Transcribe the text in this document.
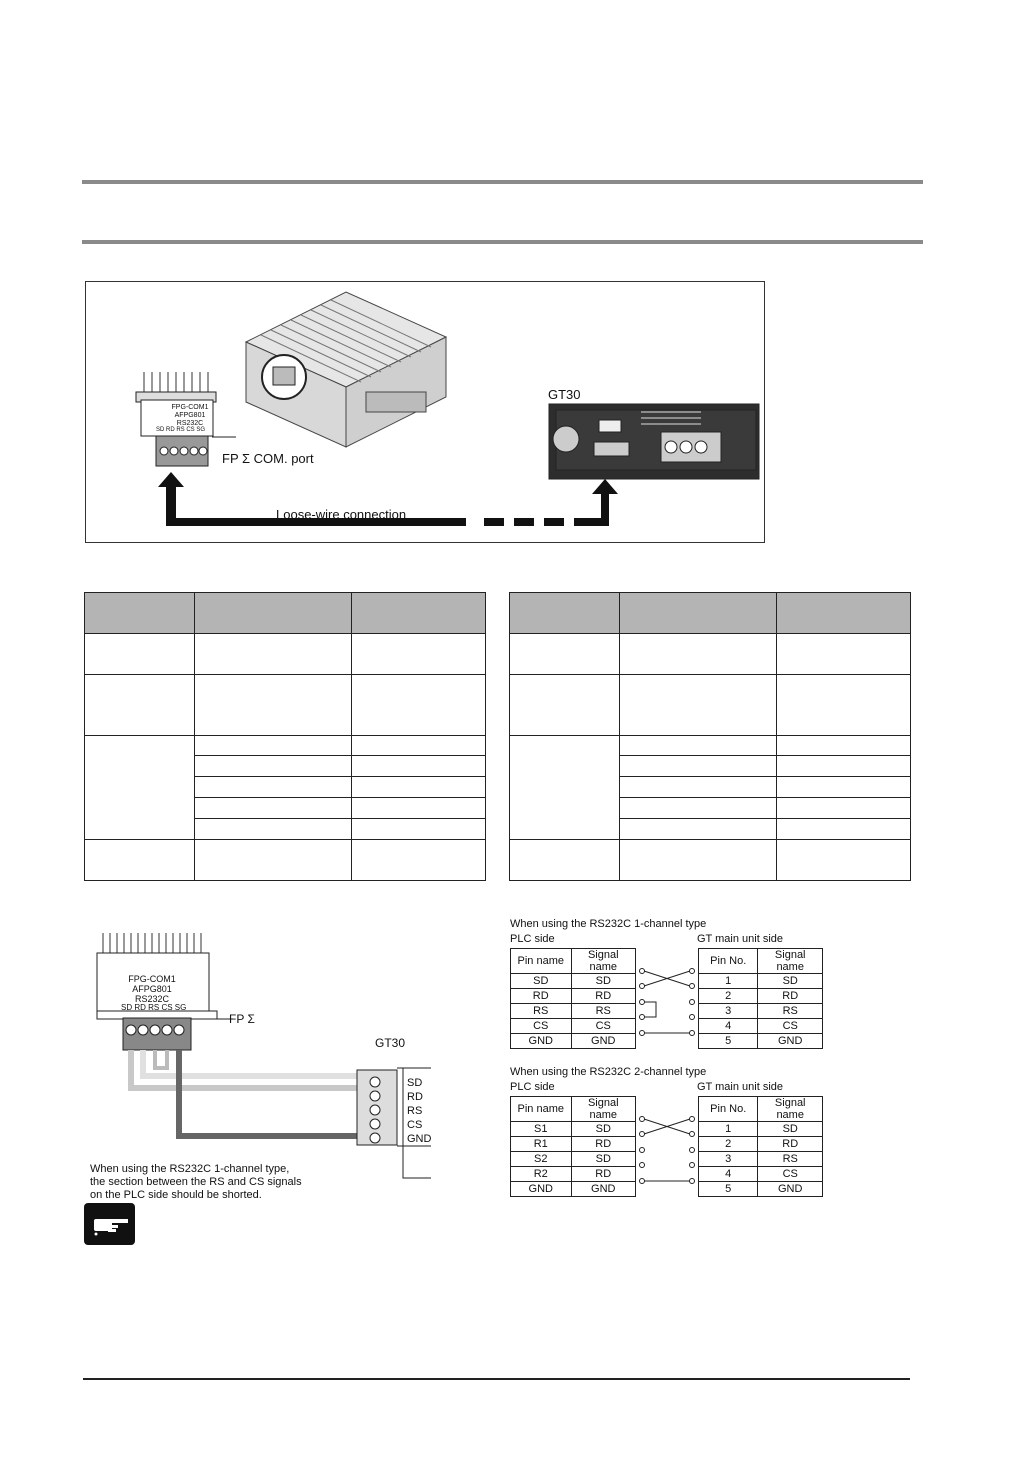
FPG-COM1
AFPG801
RS232C
SD RD RS CS SG
FP Σ COM. port
GT30
Loose-wire connection

FPG-COM1
AFPG801
RS232C
SD RD RS CS SG
FP Σ
GT30
SD
RD
RS
CS
GND
When using the RS232C 1-channel type,
the section between the RS and CS signals
on the PLC side should be shorted.
When using the RS232C 1-channel type
PLC side	GT main unit side
Pin name	Signal name
SD	SD
RD	RD
RS	RS
CS	CS
GND	GND
Pin No.	Signal name
1	SD
2	RD
3	RS
4	CS
5	GND
When using the RS232C 2-channel type
PLC side	GT main unit side
Pin name	Signal name
S1	SD
R1	RD
S2	SD
R2	RD
GND	GND
Pin No.	Signal name
1	SD
2	RD
3	RS
4	CS
5	GND
